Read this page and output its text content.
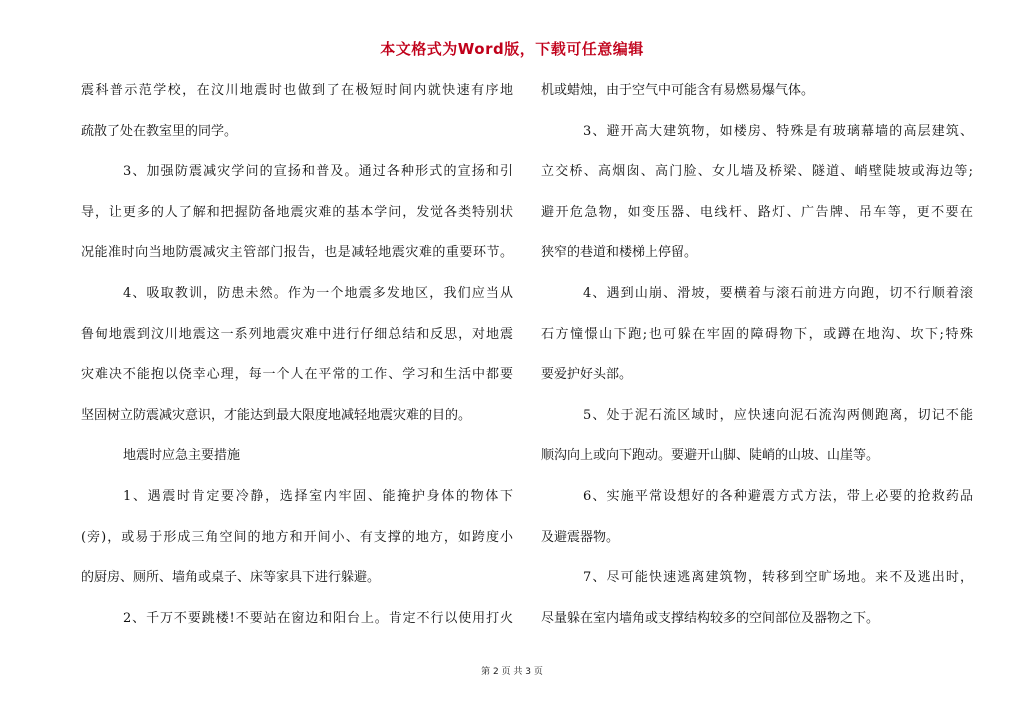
本文格式为Word版，下载可任意编辑
震科普示范学校，在汶川地震时也做到了在极短时间内就快速有序地
疏散了处在教室里的同学。
3、加强防震减灾学问的宣扬和普及。通过各种形式的宣扬和引
导，让更多的人了解和把握防备地震灾难的基本学问，发觉各类特别状
况能准时向当地防震减灾主管部门报告，也是减轻地震灾难的重要环节。
4、吸取教训，防患未然。作为一个地震多发地区，我们应当从
鲁甸地震到汶川地震这一系列地震灾难中进行仔细总结和反思，对地震
灾难决不能抱以侥幸心理，每一个人在平常的工作、学习和生活中都要
坚固树立防震减灾意识，才能达到最大限度地减轻地震灾难的目的。
地震时应急主要措施
1、遇震时肯定要冷静，选择室内牢固、能掩护身体的物体下
(旁)，或易于形成三角空间的地方和开间小、有支撑的地方，如跨度小
的厨房、厕所、墙角或桌子、床等家具下进行躲避。
2、千万不要跳楼!不要站在窗边和阳台上。肯定不行以使用打火
机或蜡烛，由于空气中可能含有易燃易爆气体。
3、避开高大建筑物，如楼房、特殊是有玻璃幕墙的高层建筑、
立交桥、高烟囱、高门脸、女儿墙及桥梁、隧道、峭壁陡坡或海边等;
避开危急物，如变压器、电线杆、路灯、广告牌、吊车等，更不要在
狭窄的巷道和楼梯上停留。
4、遇到山崩、滑坡，要横着与滚石前进方向跑，切不行顺着滚
石方憧憬山下跑;也可躲在牢固的障碍物下，或蹲在地沟、坎下;特殊
要爱护好头部。
5、处于泥石流区域时，应快速向泥石流沟两侧跑离，切记不能
顺沟向上或向下跑动。要避开山脚、陡峭的山坡、山崖等。
6、实施平常设想好的各种避震方式方法，带上必要的抢救药品
及避震器物。
7、尽可能快速逃离建筑物，转移到空旷场地。来不及逃出时，
尽量躲在室内墙角或支撑结构较多的空间部位及器物之下。
第 2 页 共 3 页
